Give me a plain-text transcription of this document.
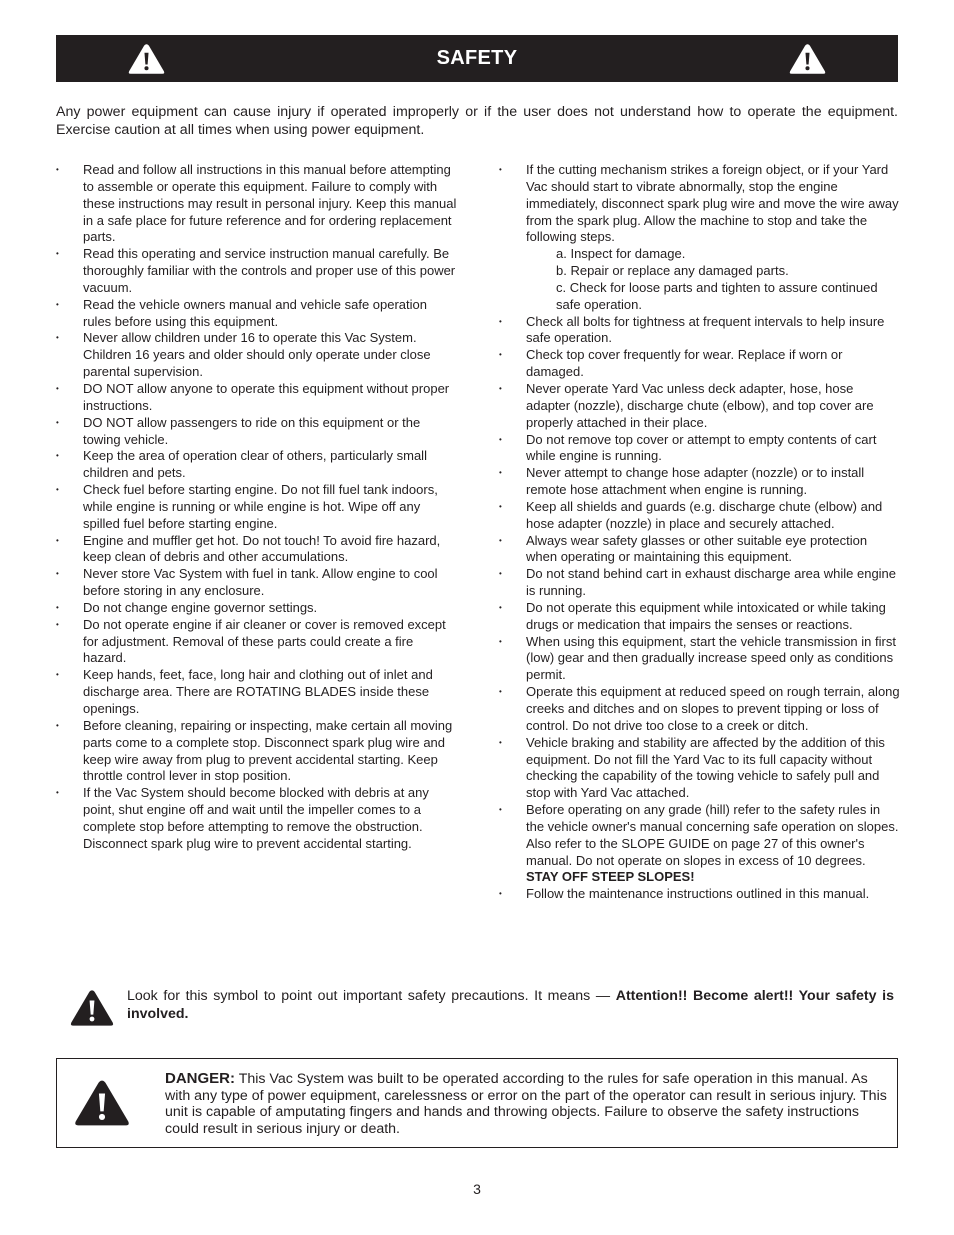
SAFETY

Any power equipment can cause injury if operated improperly or if the user does not understand how to operate the equipment. Exercise caution at all times when using power equipment.

• Read and follow all instructions in this manual before attempting to assemble or operate this equipment. Failure to comply with these instructions may result in personal injury. Keep this manual in a safe place for future reference and for ordering replacement parts.
• Read this operating and service instruction manual carefully. Be thoroughly familiar with the controls and proper use of this power vacuum.
• Read the vehicle owners manual and vehicle safe operation rules before using this equipment.
• Never allow children under 16 to operate this Vac System. Children 16 years and older should only operate under close parental supervision.
• DO NOT allow anyone to operate this equipment without proper instructions.
• DO NOT allow passengers to ride on this equipment or the towing vehicle.
• Keep the area of operation clear of others, particularly small children and pets.
• Check fuel before starting engine. Do not fill fuel tank indoors, while engine is running or while engine is hot. Wipe off any spilled fuel before starting engine.
• Engine and muffler get hot. Do not touch! To avoid fire hazard, keep clean of debris and other accumulations.
• Never store Vac System with fuel in tank. Allow engine to cool before storing in any enclosure.
• Do not change engine governor settings.
• Do not operate engine if air cleaner or cover is removed except for adjustment. Removal of these parts could create a fire hazard.
• Keep hands, feet, face, long hair and clothing out of inlet and discharge area. There are ROTATING BLADES inside these openings.
• Before cleaning, repairing or inspecting, make certain all moving parts come to a complete stop. Disconnect spark plug wire and keep wire away from plug to prevent accidental starting. Keep throttle control lever in stop position.
• If the Vac System should become blocked with debris at any point, shut engine off and wait until the impeller comes to a complete stop before attempting to remove the obstruction. Disconnect spark plug wire to prevent accidental starting.
• If the cutting mechanism strikes a foreign object, or if your Yard Vac should start to vibrate abnormally, stop the engine immediately, disconnect spark plug wire and move the wire away from the spark plug. Allow the machine to stop and take the following steps.
a. Inspect for damage.
b. Repair or replace any damaged parts.
c. Check for loose parts and tighten to assure continued safe operation.
• Check all bolts for tightness at frequent intervals to help insure safe operation.
• Check top cover frequently for wear. Replace if worn or damaged.
• Never operate Yard Vac unless deck adapter, hose, hose adapter (nozzle), discharge chute (elbow), and top cover are properly attached in their place.
• Do not remove top cover or attempt to empty contents of cart while engine is running.
• Never attempt to change hose adapter (nozzle) or to install remote hose attachment when engine is running.
• Keep all shields and guards (e.g. discharge chute (elbow) and hose adapter (nozzle) in place and securely attached.
• Always wear safety glasses or other suitable eye protection when operating or maintaining this equipment.
• Do not stand behind cart in exhaust discharge area while engine is running.
• Do not operate this equipment while intoxicated or while taking drugs or medication that impairs the senses or reactions.
• When using this equipment, start the vehicle transmission in first (low) gear and then gradually increase speed only as conditions permit.
• Operate this equipment at reduced speed on rough terrain, along creeks and ditches and on slopes to prevent tipping or loss of control. Do not drive too close to a creek or ditch.
• Vehicle braking and stability are affected by the addition of this equipment. Do not fill the Yard Vac to its full capacity without checking the capability of the towing vehicle to safely pull and stop with Yard Vac attached.
• Before operating on any grade (hill) refer to the safety rules in the vehicle owner's manual concerning safe operation on slopes. Also refer to the SLOPE GUIDE on page 27 of this owner's manual. Do not operate on slopes in excess of 10 degrees. STAY OFF STEEP SLOPES!
• Follow the maintenance instructions outlined in this manual.

Look for this symbol to point out important safety precautions. It means — Attention!! Become alert!! Your safety is involved.

DANGER: This Vac System was built to be operated according to the rules for safe operation in this manual. As with any type of power equipment, carelessness or error on the part of the operator can result in serious injury. This unit is capable of amputating fingers and hands and throwing objects. Failure to observe the safety instructions could result in serious injury or death.

3
